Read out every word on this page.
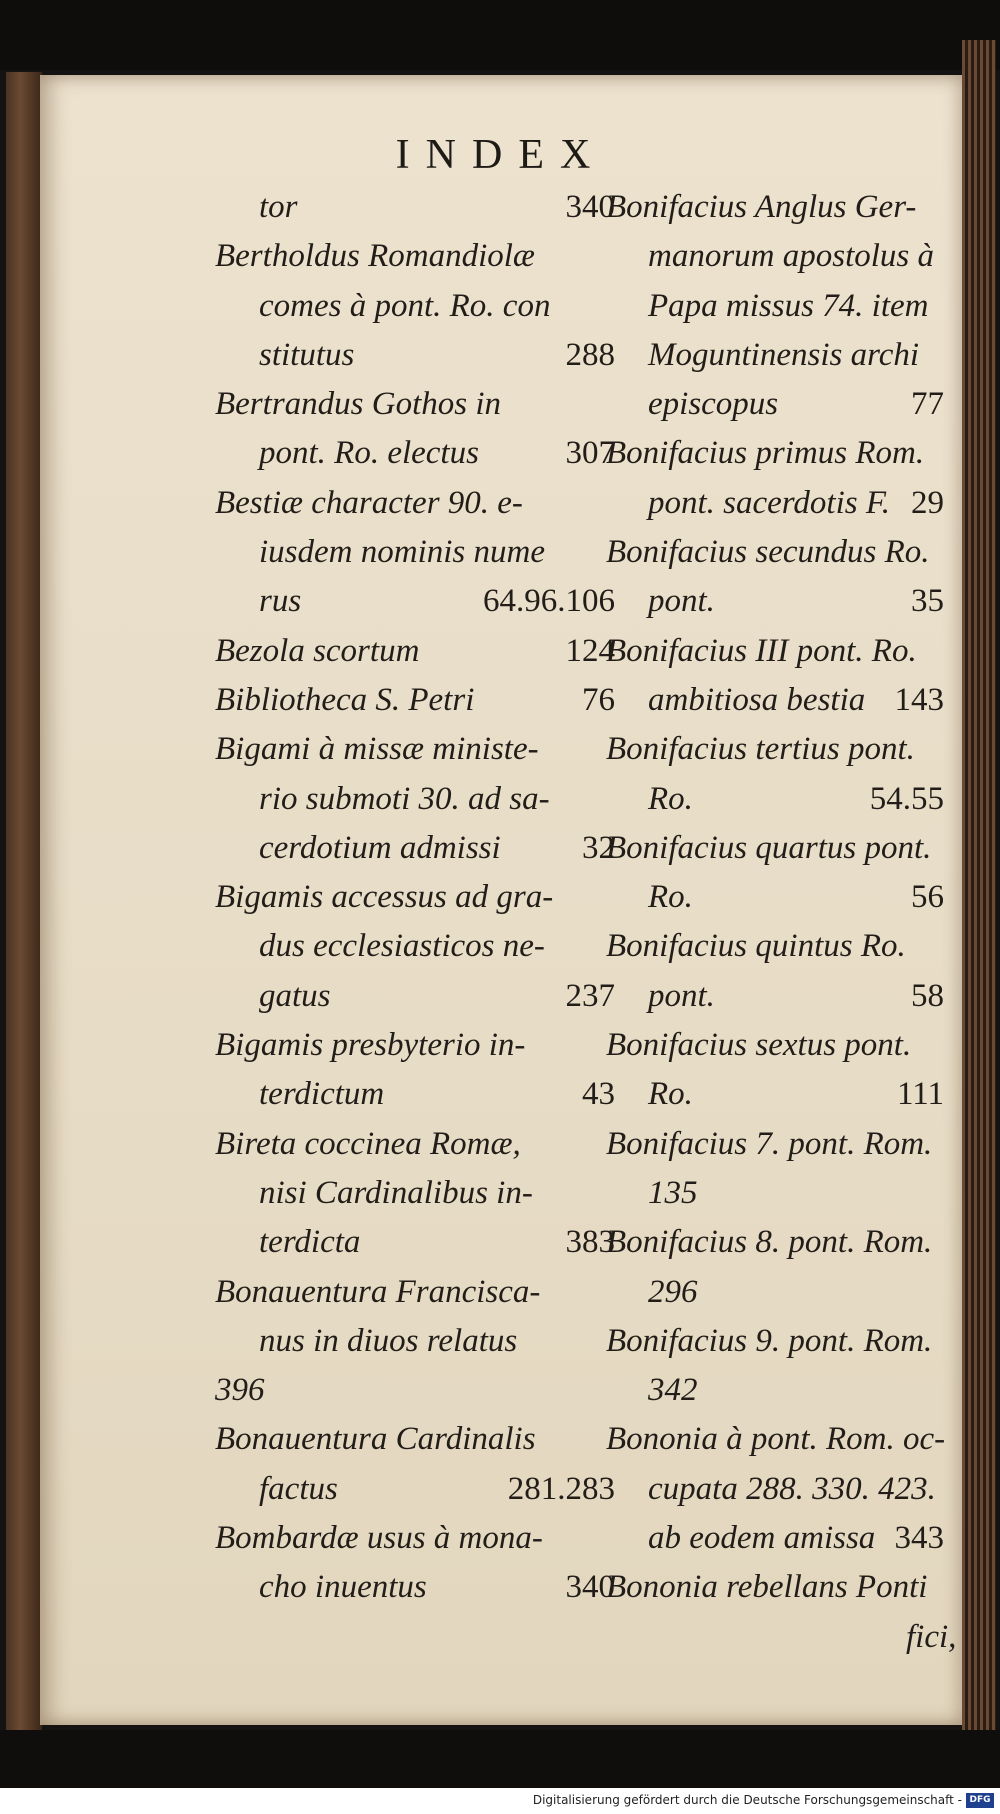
INDEX
tor	340
Bertholdus Romandiolæ
comes à pont. Ro. con
stitutus	288
Bertrandus Gothos in
pont. Ro. electus	307
Bestiæ character 90. e-
iusdem nominis nume
rus	64.96.106
Bezola scortum	124
Bibliotheca S. Petri	76
Bigami à missæ ministe-
rio submoti 30. ad sa-
cerdotium admissi 32
Bigamis accessus ad gra-
dus ecclesiasticos ne-
gatus	237
Bigamis presbyterio in-
terdictum	43
Bireta coccinea Romæ,
nisi Cardinalibus in-
terdicta	383
Bonauentura Franciscа-
nus in diuos relatus
396
Bonauentura Cardinalis
factus	281.283
Bombardæ usus à mona-
cho inuentus	340
Bonifacius Anglus Ger-
manorum apostolus à
Papa missus 74. item
Moguntinensis archi
episcopus	77
Bonifacius primus Rom.
pont. sacerdotis F. 29
Bonifacius secundus Ro.
pont.	35
Bonifacius III pont. Ro.
ambitiosa bestia 143
Bonifacius tertius pont.
Ro.	54.55
Bonifacius quartus pont.
Ro.	56
Bonifacius quintus Ro.
pont.	58
Bonifacius sextus pont.
Ro.	111
Bonifacius 7. pont. Rom.
135
Bonifacius 8. pont. Rom.
296
Bonifacius 9. pont. Rom.
342
Bononia à pont. Rom. oc-
cupata 288. 330. 423.
ab eodem amissa 343
Bononia rebellans Ponti
fici,
Digitalisierung gefördert durch die Deutsche Forschungsgemeinschaft - DFG
